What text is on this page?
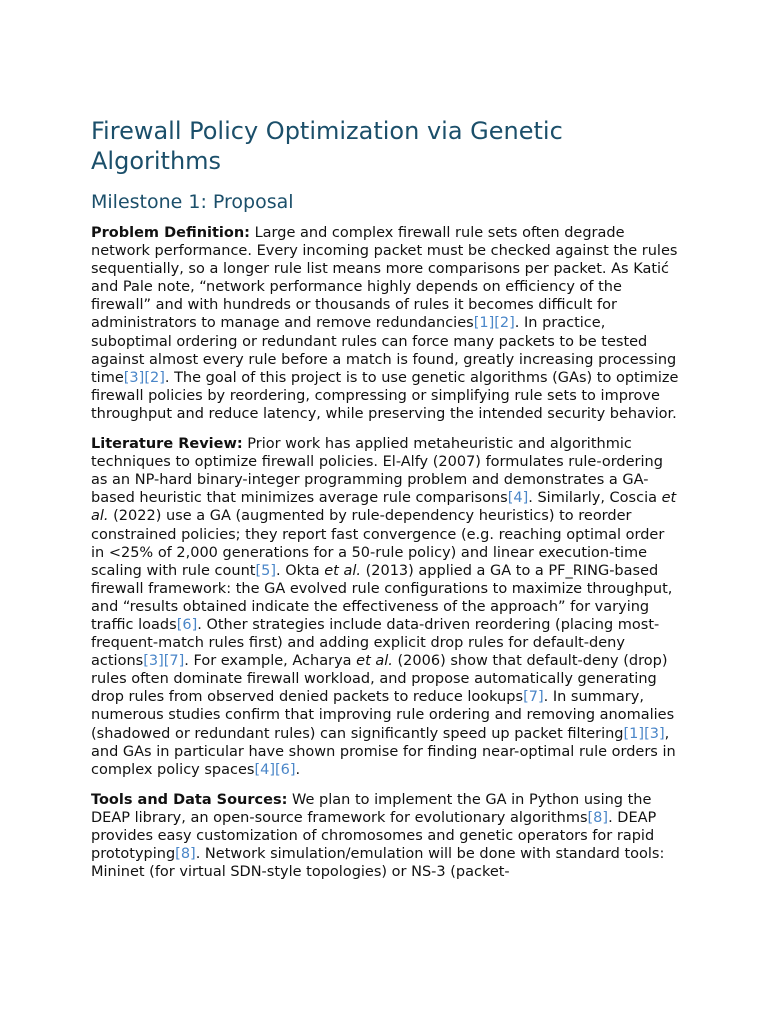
Firewall Policy Optimization via Genetic Algorithms
Milestone 1: Proposal

Problem Definition: Large and complex firewall rule sets often degrade network performance. Every incoming packet must be checked against the rules sequentially, so a longer rule list means more comparisons per packet. As Katić and Pale note, “network performance highly depends on efficiency of the firewall” and with hundreds or thousands of rules it becomes difficult for administrators to manage and remove redundancies[1][2]. In practice, suboptimal ordering or redundant rules can force many packets to be tested against almost every rule before a match is found, greatly increasing processing time[3][2]. The goal of this project is to use genetic algorithms (GAs) to optimize firewall policies by reordering, compressing or simplifying rule sets to improve throughput and reduce latency, while preserving the intended security behavior.

Literature Review: Prior work has applied metaheuristic and algorithmic techniques to optimize firewall policies. El-Alfy (2007) formulates rule-ordering as an NP-hard binary-integer programming problem and demonstrates a GA-based heuristic that minimizes average rule comparisons[4]. Similarly, Coscia et al. (2022) use a GA (augmented by rule-dependency heuristics) to reorder constrained policies; they report fast convergence (e.g. reaching optimal order in <25% of 2,000 generations for a 50-rule policy) and linear execution-time scaling with rule count[5]. Okta et al. (2013) applied a GA to a PF_RING-based firewall framework: the GA evolved rule configurations to maximize throughput, and “results obtained indicate the effectiveness of the approach” for varying traffic loads[6]. Other strategies include data-driven reordering (placing most-frequent-match rules first) and adding explicit drop rules for default-deny actions[3][7]. For example, Acharya et al. (2006) show that default-deny (drop) rules often dominate firewall workload, and propose automatically generating drop rules from observed denied packets to reduce lookups[7]. In summary, numerous studies confirm that improving rule ordering and removing anomalies (shadowed or redundant rules) can significantly speed up packet filtering[1][3], and GAs in particular have shown promise for finding near-optimal rule orders in complex policy spaces[4][6].

Tools and Data Sources: We plan to implement the GA in Python using the DEAP library, an open-source framework for evolutionary algorithms[8]. DEAP provides easy customization of chromosomes and genetic operators for rapid prototyping[8]. Network simulation/emulation will be done with standard tools: Mininet (for virtual SDN-style topologies) or NS-3 (packet-
